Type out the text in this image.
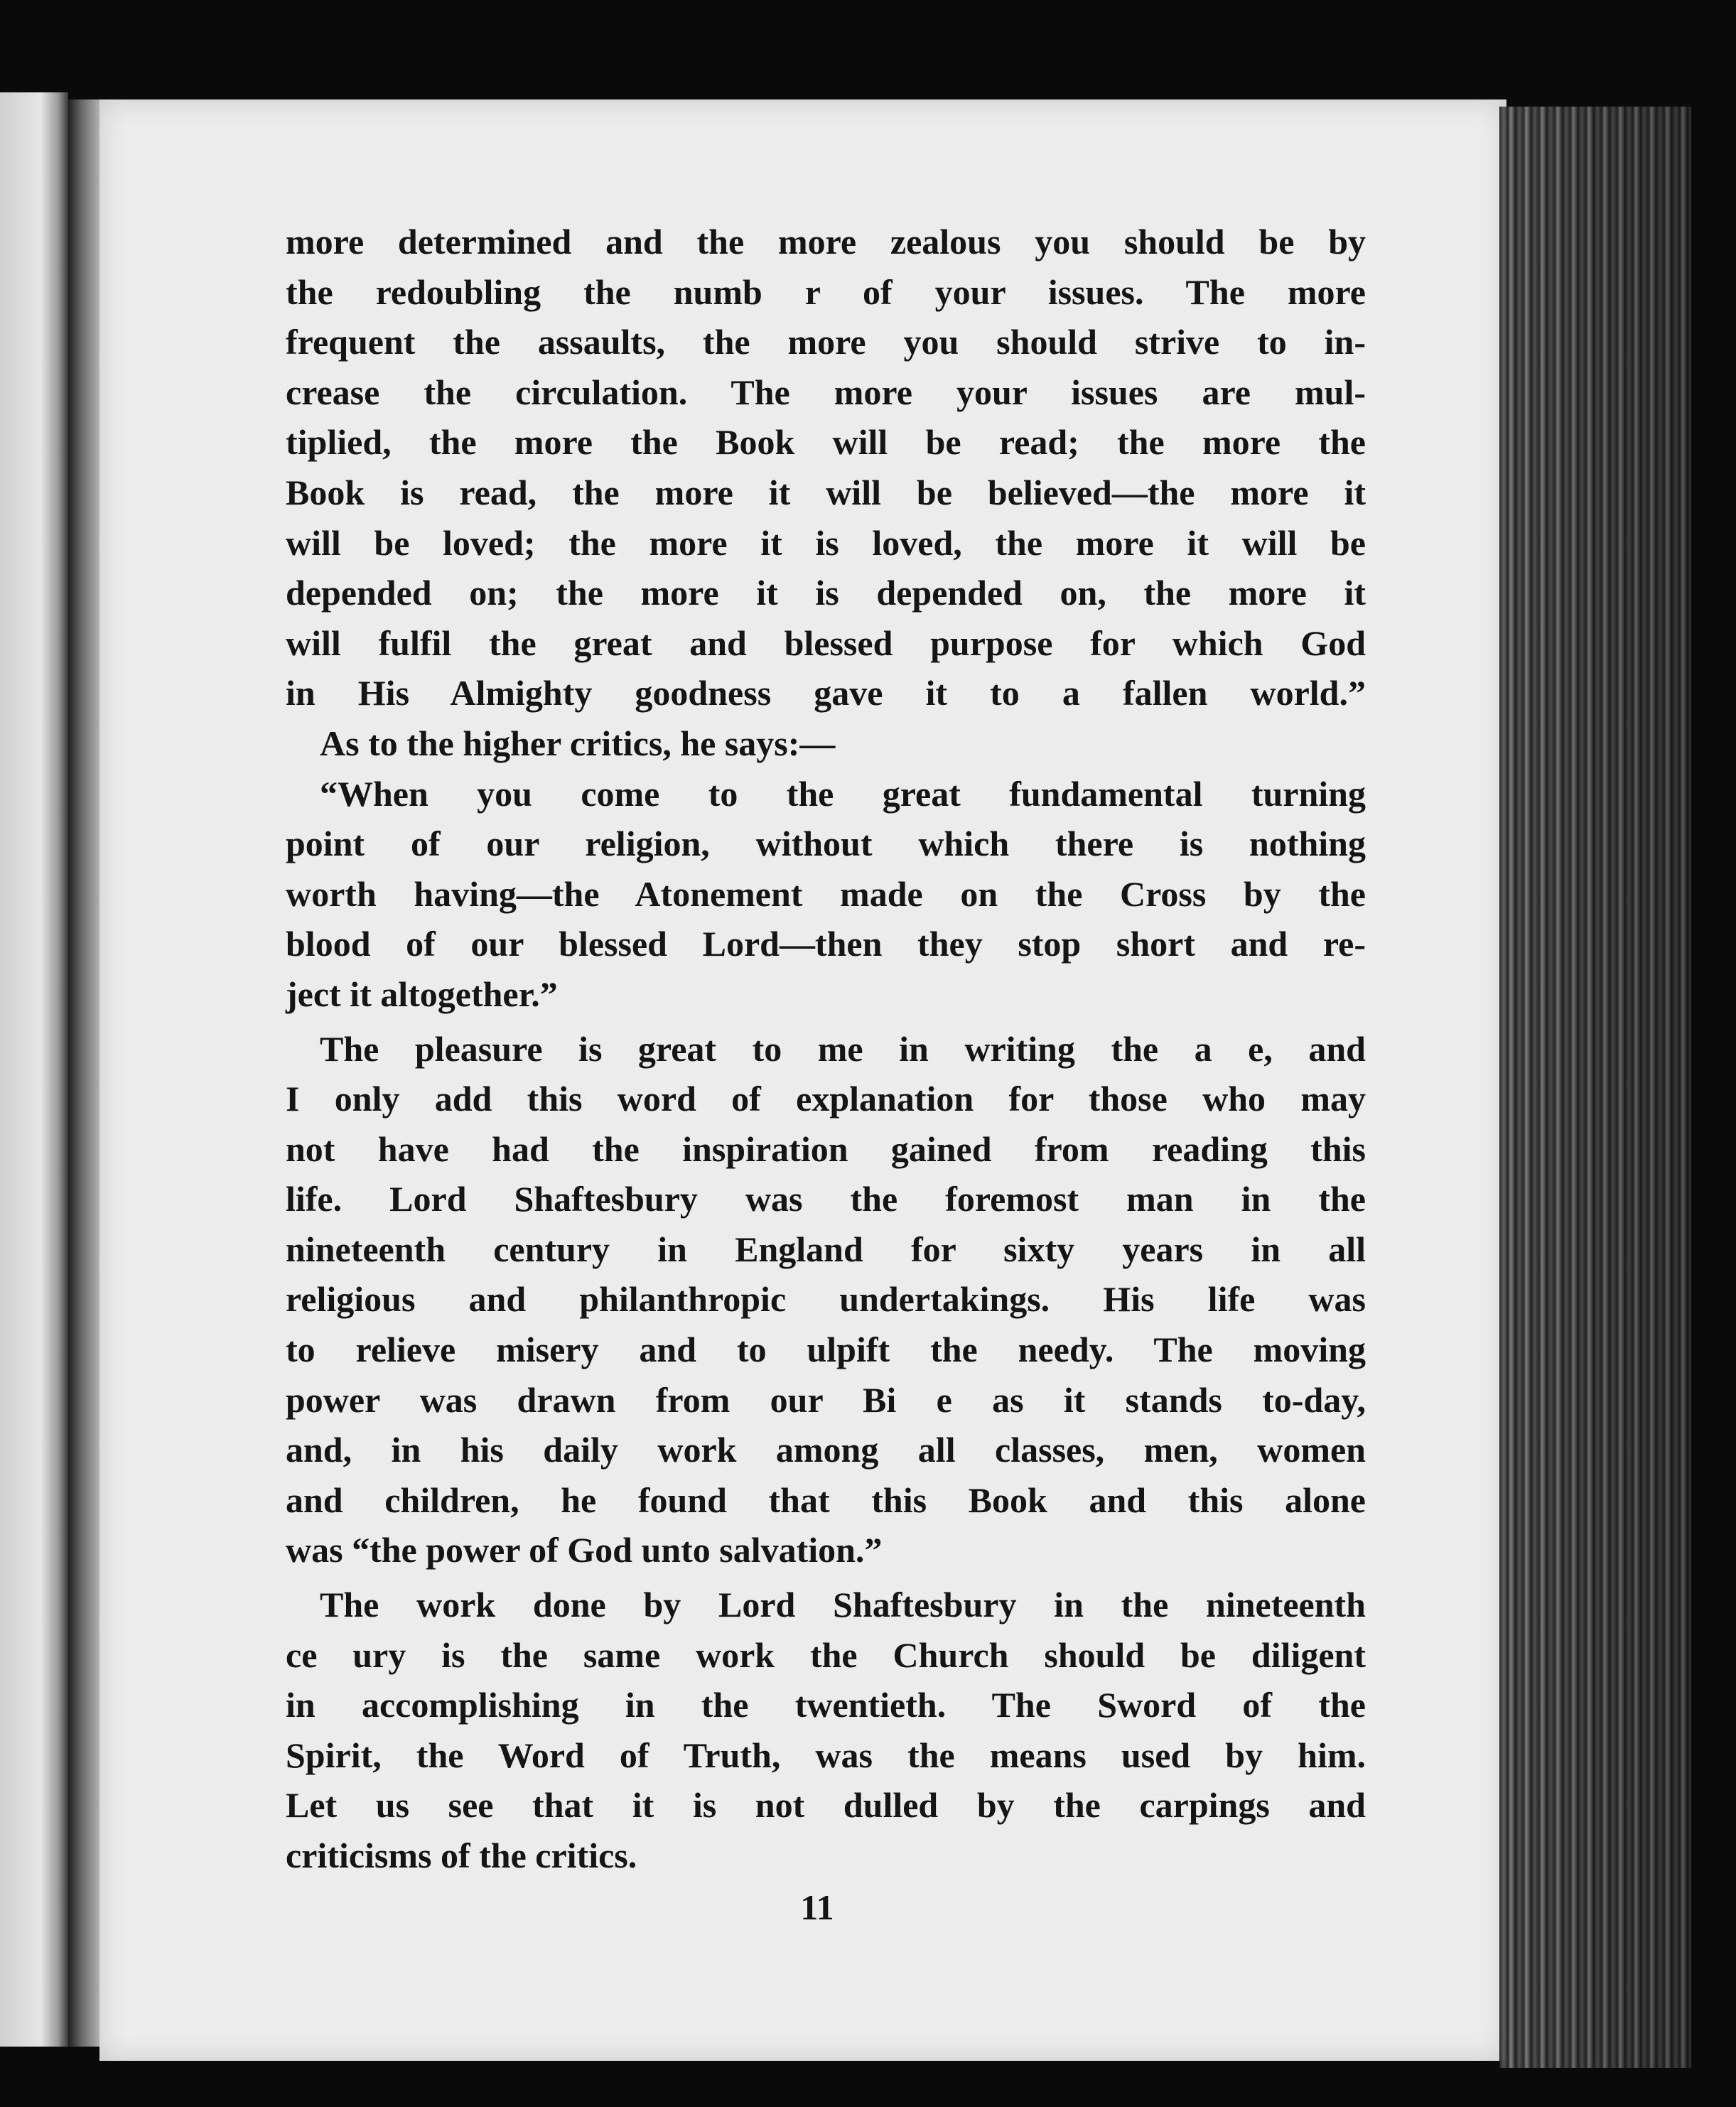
more determined and the more zealous you should be by
the redoubling the numb r of your issues. The more
frequent the assaults, the more you should strive to in-
crease the circulation. The more your issues are mul-
tiplied, the more the Book will be read; the more the
Book is read, the more it will be believed—the more it
will be loved; the more it is loved, the more it will be
depended on; the more it is depended on, the more it
will fulfil the great and blessed purpose for which God
in His Almighty goodness gave it to a fallen world.”
As to the higher critics, he says:—
“When you come to the great fundamental turning
point of our religion, without which there is nothing
worth having—the Atonement made on the Cross by the
blood of our blessed Lord—then they stop short and re-
ject it altogether.”
The pleasure is great to me in writing the a e, and
I only add this word of explanation for those who may
not have had the inspiration gained from reading this
life. Lord Shaftesbury was the foremost man in the
nineteenth century in England for sixty years in all
religious and philanthropic undertakings. His life was
to relieve misery and to ulpift the needy. The moving
power was drawn from our Bi e as it stands to-day,
and, in his daily work among all classes, men, women
and children, he found that this Book and this alone
was “the power of God unto salvation.”
The work done by Lord Shaftesbury in the nineteenth
ce ury is the same work the Church should be diligent
in accomplishing in the twentieth. The Sword of the
Spirit, the Word of Truth, was the means used by him.
Let us see that it is not dulled by the carpings and
criticisms of the critics.
11
